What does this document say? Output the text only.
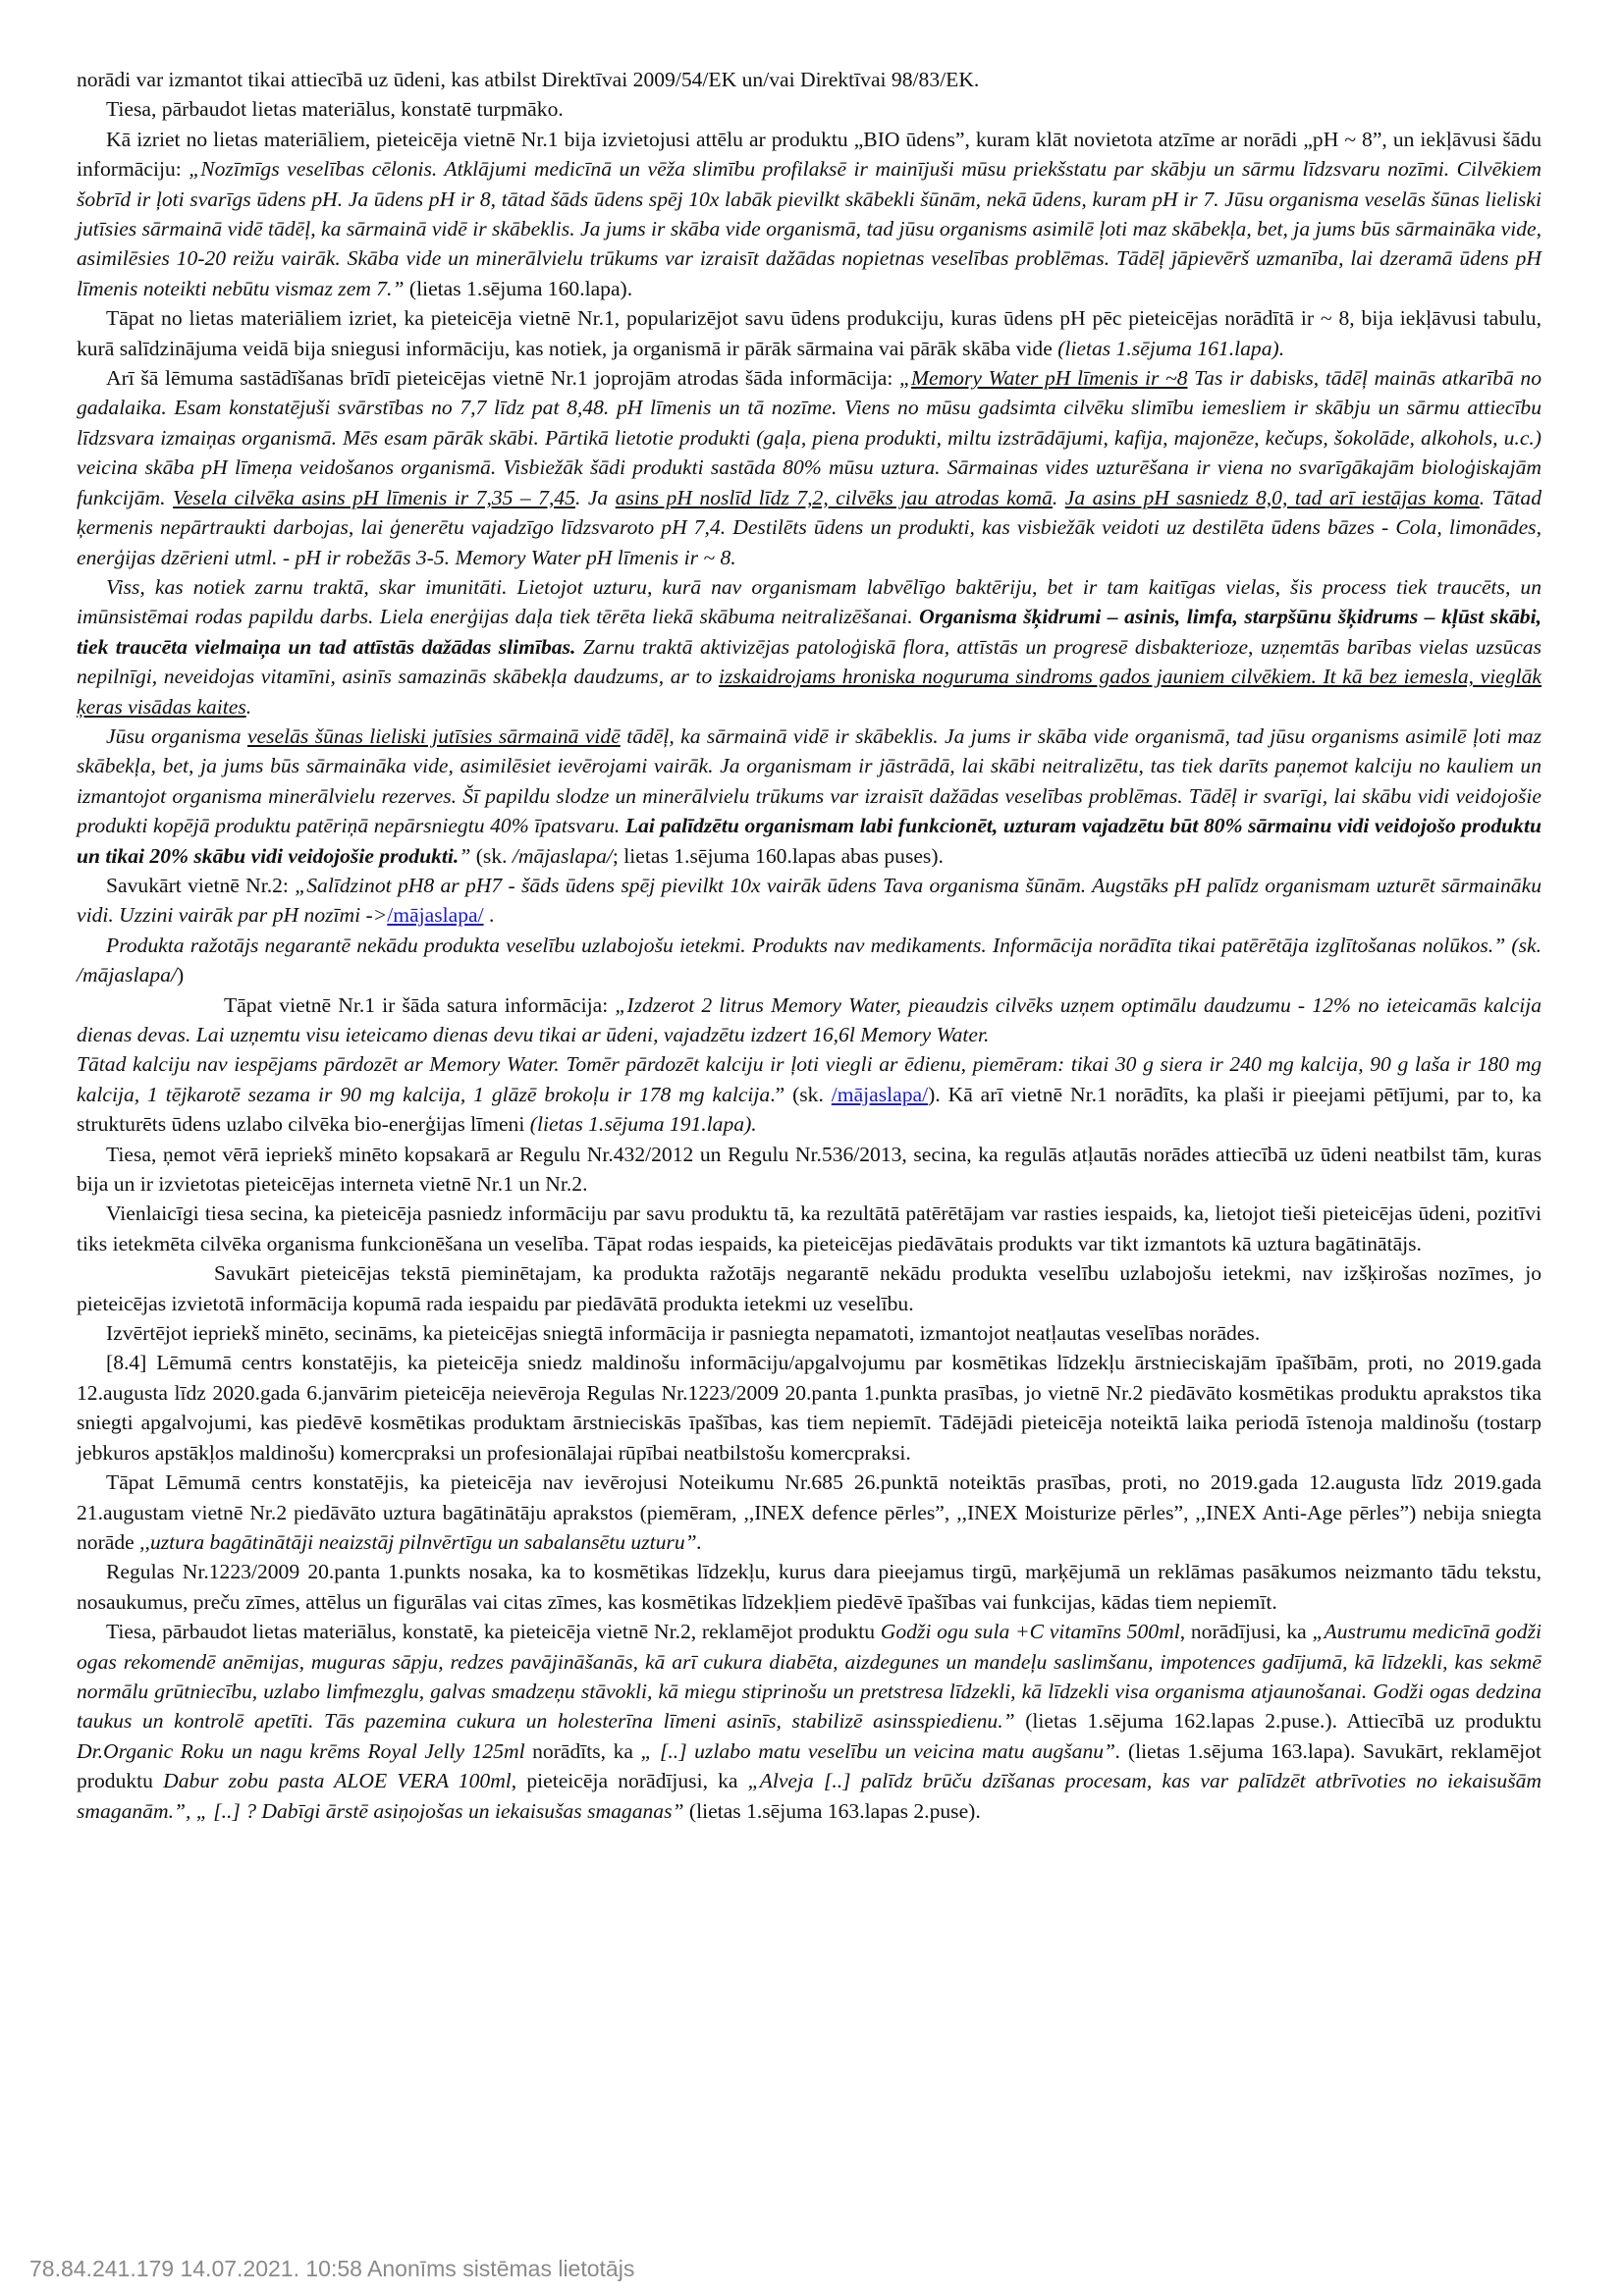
norādi var izmantot tikai attiecībā uz ūdeni, kas atbilst Direktīvai 2009/54/EK un/vai Direktīvai 98/83/EK.

Tiesa, pārbaudot lietas materiālus, konstatē turpmāko.

Kā izriet no lietas materiāliem, pieteicēja vietnē Nr.1 bija izvietojusi attēlu ar produktu „BIO ūdens”, kuram klāt novietota atzīme ar norādi „pH ~ 8”, un iekļāvusi šādu informāciju: „Nozīmīgs veselības cēlonis. Atklājumi medicīnā un vēža slimību profilaksē ir mainījuši mūsu priekšstatu par skābju un sārmu līdzsvaru nozīmi. Cilvēkiem šobrīd ir ļoti svarīgs ūdens pH. Ja ūdens pH ir 8, tātad šāds ūdens spēj 10x labāk pievilkt skābekli šūnām, nekā ūdens, kuram pH ir 7. Jūsu organisma veselās šūnas lieliski jutīsies sārmainā vidē tādēļ, ka sārmainā vidē ir skābeklis. Ja jums ir skāba vide organismā, tad jūsu organisms asimilē ļoti maz skābekļa, bet, ja jums būs sārmaināka vide, asimilēsies 10-20 reižu vairāk. Skāba vide un minerālvielu trūkums var izraisīt dažādas nopietnas veselības problēmas. Tādēļ jāpievērš uzmanība, lai dzeramā ūdens pH līmenis noteikti nebūtu vismaz zem 7.” (lietas 1.sējuma 160.lapa).

Tāpat no lietas materiāliem izriet, ka pieteicēja vietnē Nr.1, popularizējot savu ūdens produkciju, kuras ūdens pH pēc pieteicējas norādītā ir ~ 8, bija iekļāvusi tabulu, kurā salīdzinājuma veidā bija sniegusi informāciju, kas notiek, ja organismā ir pārāk sārmaina vai pārāk skāba vide (lietas 1.sējuma 161.lapa).

Arī šā lēmuma sastādīšanas brīdī pieteicējas vietnē Nr.1 joprojām atrodas šāda informācija: „Memory Water pH līmenis ir ~8 Tas ir dabisks, tādēļ mainās atkarībā no gadalaika. Esam konstatējuši svārstības no 7,7 līdz pat 8,48. pH līmenis un tā nozīme. Viens no mūsu gadsimta cilvēku slimību iemesliem ir skābju un sārmu attiecību līdzsvara izmaiņas organismā. Mēs esam pārāk skābi. Pārtikā lietotie produkti (gaļa, piena produkti, miltu izstrādājumi, kafija, majonēze, kečups, šokolāde, alkohols, u.c.) veicina skāba pH līmeņa veidošanos organismā. Visbiežāk šādi produkti sastāda 80% mūsu uztura. Sārmainas vides uzturēšana ir viena no svarīgākajām bioloģiskajām funkcijām. Vesela cilvēka asins pH līmenis ir 7,35 – 7,45. Ja asins pH noslīd līdz 7,2, cilvēks jau atrodas komā. Ja asins pH sasniedz 8,0, tad arī iestājas koma. Tātad ķermenis nepārtraukti darbojas, lai ģenerētu vajadzīgo līdzsvaroto pH 7,4. Destilēts ūdens un produkti, kas visbiežāk veidoti uz destilēta ūdens bāzes - Cola, limonādes, enerģijas dzērieni utml. - pH ir robežās 3-5. Memory Water pH līmenis ir ~ 8.

Viss, kas notiek zarnu traktā, skar imunitāti. Lietojot uzturu, kurā nav organismam labvēlīgo baktēriju, bet ir tam kaitīgas vielas, šis process tiek traucēts, un imūnsistēmai rodas papildu darbs. Liela enerģijas daļa tiek tērēta liekā skābuma neitralizēšanai. Organisma šķidrumi – asinis, limfa, starpšūnu šķidrums – kļūst skābi, tiek traucēta vielmaiņa un tad attīstās dažādas slimības. Zarnu traktā aktivizējas patoloģiskā flora, attīstās un progresē disbakterioze, uzņemtās barības vielas uzsūcas nepilnīgi, neveidojas vitamīni, asinīs samazinās skābekļa daudzums, ar to izskaidrojams hroniska noguruma sindroms gados jauniem cilvēkiem. It kā bez iemesla, vieglāk ķeras visādas kaites.

Jūsu organisma veselās šūnas lieliski jutīsies sārmainā vidē tādēļ, ka sārmainā vidē ir skābeklis. Ja jums ir skāba vide organismā, tad jūsu organisms asimilē ļoti maz skābekļa, bet, ja jums būs sārmaināka vide, asimilēsiet ievērojami vairāk. Ja organismam ir jāstrādā, lai skābi neitralizētu, tas tiek darīts paņemot kalciju no kauliem un izmantojot organisma minerālvielu rezerves. Šī papildu slodze un minerālvielu trūkums var izraisīt dažādas veselības problēmas. Tādēļ ir svarīgi, lai skābu vidi veidojošie produkti kopējā produktu patēriņā nepārsniegtu 40% īpatsvaru. Lai palīdzētu organismam labi funkcionēt, uzturam vajadzētu būt 80% sārmainu vidi veidojošo produktu un tikai 20% skābu vidi veidojošie produkti.” (sk. /mājaslapa/; lietas 1.sējuma 160.lapas abas puses).

Savukārt vietnē Nr.2: „Salīdzinot pH8 ar pH7 - šāds ūdens spēj pievilkt 10x vairāk ūdens Tava organisma šūnām. Augstāks pH palīdz organismam uzturēt sārmaināku vidi. Uzzini vairāk par pH nozīmi ->/mājaslapa/ .

Produkta ražotājs negarantē nekādu produkta veselību uzlabojošu ietekmi. Produkts nav medikaments. Informācija norādīta tikai patērētāja izglītošanas nolūkos.” (sk. /mājaslapa/)

Tāpat vietnē Nr.1 ir šāda satura informācija: „Izdzerot 2 litrus Memory Water, pieaudzis cilvēks uzņem optimālu daudzumu - 12% no ieteicamās kalcija dienas devas. Lai uzņemtu visu ieteicamo dienas devu tikai ar ūdeni, vajadzētu izdzert 16,6l Memory Water.

Tātad kalciju nav iespējams pārdozēt ar Memory Water. Tomēr pārdozēt kalciju ir ļoti viegli ar ēdienu, piemēram: tikai 30 g siera ir 240 mg kalcija, 90 g laša ir 180 mg kalcija, 1 tējkarotē sezama ir 90 mg kalcija, 1 glāzē brokoļu ir 178 mg kalcija.” (sk. /mājaslapa/). Kā arī vietnē Nr.1 norādīts, ka plaši ir pieejami pētījumi, par to, ka strukturēts ūdens uzlabo cilvēka bio-enerģijas līmeni (lietas 1.sējuma 191.lapa).

Tiesa, ņemot vērā iepriekš minēto kopsakarā ar Regulu Nr.432/2012 un Regulu Nr.536/2013, secina, ka regulās atļautās norādes attiecībā uz ūdeni neatbilst tām, kuras bija un ir izvietotas pieteicējas interneta vietnē Nr.1 un Nr.2.

Vienlaicīgi tiesa secina, ka pieteicēja pasniedz informāciju par savu produktu tā, ka rezultātā patērētājam var rasties iespaids, ka, lietojot tieši pieteicējas ūdeni, pozitīvi tiks ietekmēta cilvēka organisma funkcionēšana un veselība. Tāpat rodas iespaids, ka pieteicējas piedāvātais produkts var tikt izmantots kā uztura bagātinātājs.

Savukārt pieteicējas tekstā pieminētajam, ka produkta ražotājs negarantē nekādu produkta veselību uzlabojošu ietekmi, nav izšķirošas nozīmes, jo pieteicējas izvietotā informācija kopumā rada iespaidu par piedāvātā produkta ietekmi uz veselību.

Izvērtējot iepriekš minēto, secināms, ka pieteicējas sniegtā informācija ir pasniegta nepamatoti, izmantojot neatļautas veselības norādes.

[8.4] Lēmumā centrs konstatējis, ka pieteicēja sniedz maldinošu informāciju/apgalvojumu par kosmētikas līdzekļu ārstnieciskajām īpašībām, proti, no 2019.gada 12.augusta līdz 2020.gada 6.janvārim pieteicēja neievēroja Regulas Nr.1223/2009 20.panta 1.punkta prasības, jo vietnē Nr.2 piedāvāto kosmētikas produktu aprakstos tika sniegti apgalvojumi, kas piedēvē kosmētikas produktam ārstnieciskās īpašības, kas tiem nepiemīt. Tādējādi pieteicēja noteiktā laika periodā īstenoja maldinošu (tostarp jebkuros apstākļos maldinošu) komercpraksi un profesionālajai rūpībai neatbilstošu komercpraksi.

Tāpat Lēmumā centrs konstatējis, ka pieteicēja nav ievērojusi Noteikumu Nr.685 26.punktā noteiktās prasības, proti, no 2019.gada 12.augusta līdz 2019.gada 21.augustam vietnē Nr.2 piedāvāto uztura bagātinātāju aprakstos (piemēram, ,,INEX defence pērles”, ,,INEX Moisturize pērles”, ,,INEX Anti-Age pērles”) nebija sniegta norāde ,,uztura bagātinātāji neaizstāj pilnvērtīgu un sabalansētu uzturu”.

Regulas Nr.1223/2009 20.panta 1.punkts nosaka, ka to kosmētikas līdzekļu, kurus dara pieejamus tirgū, marķējumā un reklāmas pasākumos neizmanto tādu tekstu, nosaukumus, preču zīmes, attēlus un figurālas vai citas zīmes, kas kosmētikas līdzekļiem piedēvē īpašības vai funkcijas, kādas tiem nepiemīt.

Tiesa, pārbaudot lietas materiālus, konstatē, ka pieteicēja vietnē Nr.2, reklamējot produktu Godži ogu sula +C vitamīns 500ml, norādījusi, ka „Austrumu medicīnā godži ogas rekomendē anēmijas, muguras sāpju, redzes pavājināšanās, kā arī cukura diabēta, aizdegunes un mandeļu saslimšanu, impotences gadījumā, kā līdzekli, kas sekmē normālu grūtniecību, uzlabo limfmezglu, galvas smadzeņu stāvokli, kā miegu stiprinošu un pretstresa līdzekli, kā līdzekli visa organisma atjaunošanai. Godži ogas dedzina taukus un kontrolē apetīti. Tās pazemina cukura un holesterīna līmeni asinīs, stabilizē asinsspiedienu.” (lietas 1.sējuma 162.lapas 2.puse.). Attiecībā uz produktu Dr.Organic Roku un nagu krēms Royal Jelly 125ml norādīts, ka „ [..] uzlabo matu veselību un veicina matu augšanu”. (lietas 1.sējuma 163.lapa). Savukārt, reklamējot produktu Dabur zobu pasta ALOE VERA 100ml, pieteicēja norādījusi, ka „Alveja [..] palīdz brūču dzīšanas procesam, kas var palīdzēt atbrīvoties no iekaisušām smaganām.”, „ [..] ? Dabīgi ārstē asiņojošas un iekaisušas smaganas” (lietas 1.sējuma 163.lapas 2.puse).

78.84.241.179 14.07.2021. 10:58 Anonīms sistēmas lietotājs
